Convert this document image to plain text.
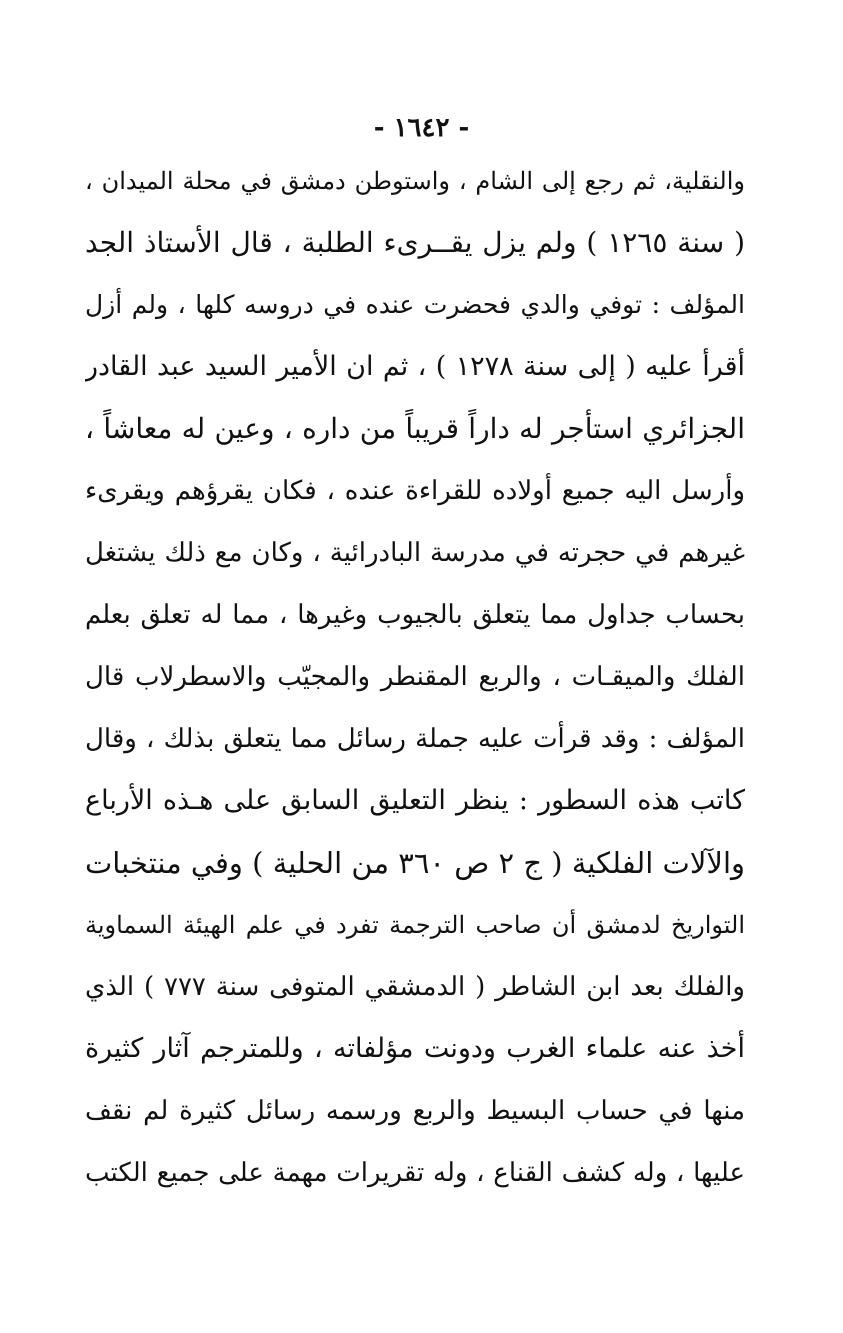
- ١٦٤٢ -
والنقلية، ثم رجع إلى الشام ، واستوطن دمشق في محلة الميدان ،
( سنة ١٢٦٥ ) ولم يزل يقــرىء الطلبة ، قال الأستاذ الجد
المؤلف : توفي والدي فحضرت عنده في دروسه كلها ، ولم أزل
أقرأ عليه ( إلى سنة ١٢٧٨ ) ، ثم ان الأمير السيد عبد القادر
الجزائري استأجر له داراً قريباً من داره ، وعين له معاشاً ،
وأرسل اليه جميع أولاده للقراءة عنده ، فكان يقرؤهم ويقرىء
غيرهم في حجرته في مدرسة البادرائية ، وكان مع ذلك يشتغل
بحساب جداول مما يتعلق بالجيوب وغيرها ، مما له تعلق بعلم
الفلك والميقـات ، والربع المقنطر والمجيّب والاسطرلاب قال
المؤلف : وقد قرأت عليه جملة رسائل مما يتعلق بذلك ، وقال
كاتب هذه السطور : ينظر التعليق السابق على هـذه الأرباع
والآلات الفلكية ( ج ٢ ص ٣٦٠ من الحلية ) وفي منتخبات
التواريخ لدمشق أن صاحب الترجمة تفرد في علم الهيئة السماوية
والفلك بعد ابن الشاطر ( الدمشقي المتوفى سنة ٧٧٧ ) الذي
أخذ عنه علماء الغرب ودونت مؤلفاته ، وللمترجم آثار كثيرة
منها في حساب البسيط والربع ورسمه رسائل كثيرة لم نقف
عليها ، وله كشف القناع ، وله تقريرات مهمة على جميع الكتب
